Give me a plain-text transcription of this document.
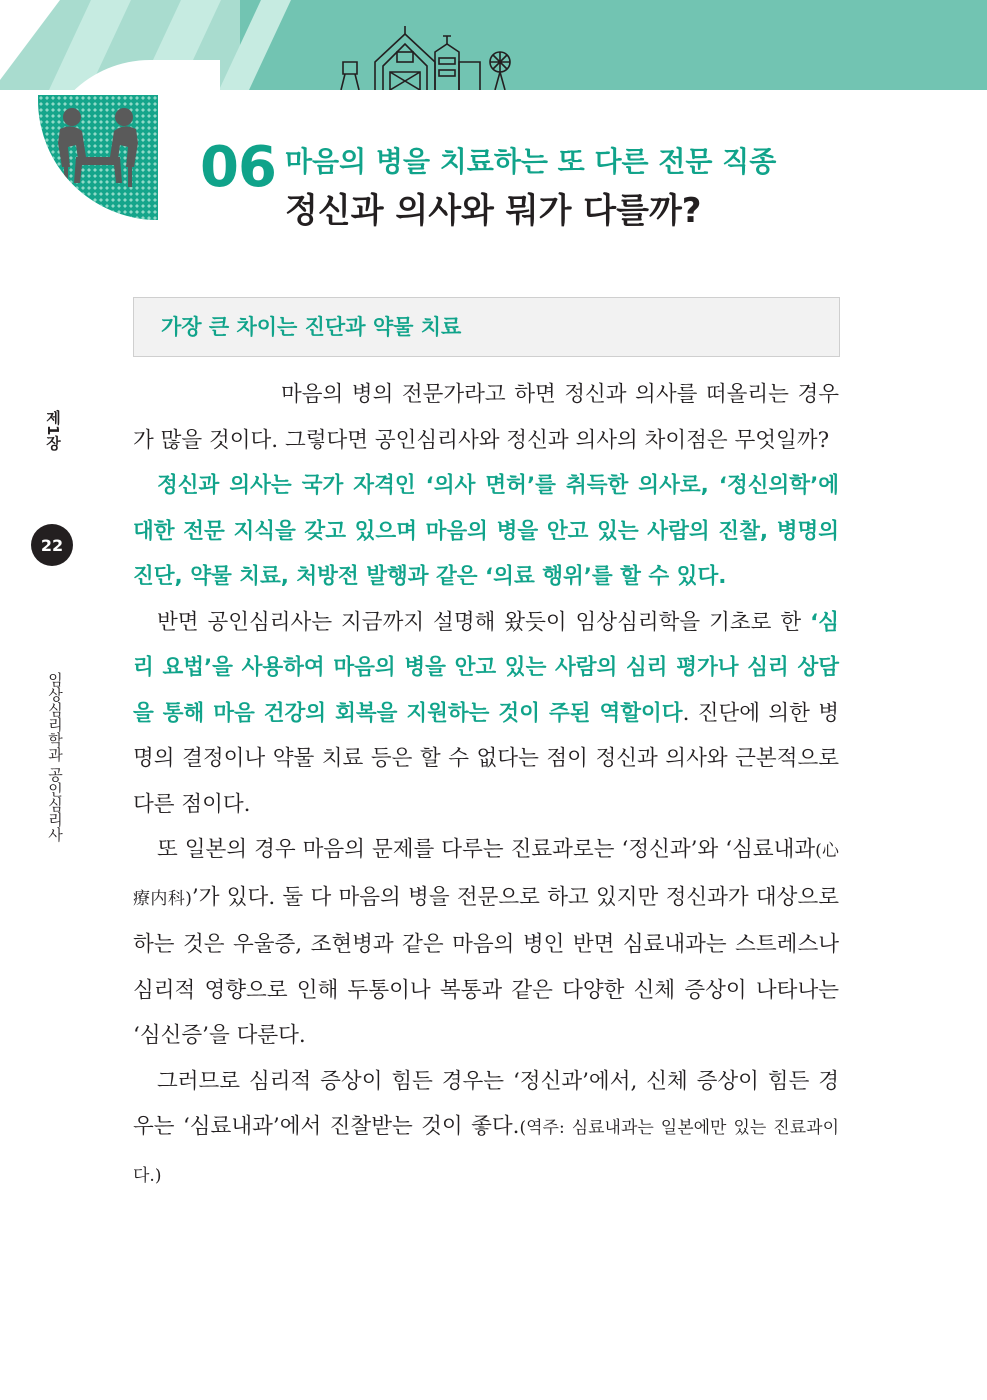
06 마음의 병을 치료하는 또 다른 전문 직종
정신과 의사와 뭐가 다를까?
제1장
22
임상심리학과 공인심리사
가장 큰 차이는 진단과 약물 치료

마음의 병의 전문가라고 하면 정신과 의사를 떠올리는 경우가 많을 것이다. 그렇다면 공인심리사와 정신과 의사의 차이점은 무엇일까?

정신과 의사는 국가 자격인 ‘의사 면허’를 취득한 의사로, ‘정신의학’에 대한 전문 지식을 갖고 있으며 마음의 병을 안고 있는 사람의 진찰, 병명의 진단, 약물 치료, 처방전 발행과 같은 ‘의료 행위’를 할 수 있다.

반면 공인심리사는 지금까지 설명해 왔듯이 임상심리학을 기초로 한 ‘심리 요법’을 사용하여 마음의 병을 안고 있는 사람의 심리 평가나 심리 상담을 통해 마음 건강의 회복을 지원하는 것이 주된 역할이다. 진단에 의한 병명의 결정이나 약물 치료 등은 할 수 없다는 점이 정신과 의사와 근본적으로 다른 점이다.

또 일본의 경우 마음의 문제를 다루는 진료과로는 ‘정신과’와 ‘심료내과(心療内科)’가 있다. 둘 다 마음의 병을 전문으로 하고 있지만 정신과가 대상으로 하는 것은 우울증, 조현병과 같은 마음의 병인 반면 심료내과는 스트레스나 심리적 영향으로 인해 두통이나 복통과 같은 다양한 신체 증상이 나타나는 ‘심신증’을 다룬다.

그러므로 심리적 증상이 힘든 경우는 ‘정신과’에서, 신체 증상이 힘든 경우는 ‘심료내과’에서 진찰받는 것이 좋다.(역주: 심료내과는 일본에만 있는 진료과이다.)
